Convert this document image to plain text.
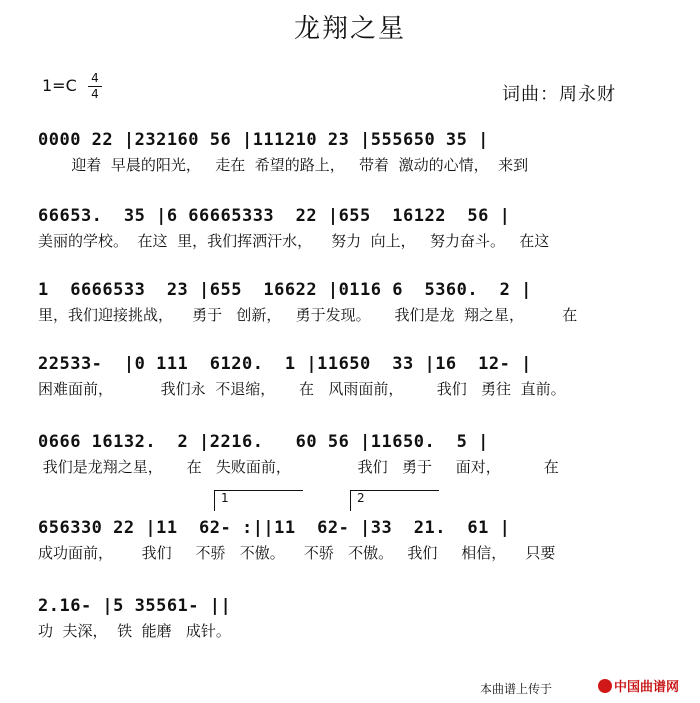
龙翔之星
1=C 4
4	词曲：周永财
0000 22 |232160 56 |111210 23 |555650 35 |
迎着  早晨的阳光，   走在  希望的路上，   带着  激动的心情，  来到
66653.  35 |6 66665333  22 |655  16122  56 |
美丽的学校。  在这  里，我们挥洒汗水，    努力  向上，   努力奋斗。   在这
1  6666533  23 |655  16622 |0116 6  5360.  2 |
里，我们迎接挑战，    勇于   创新，   勇于发现。     我们是龙  翔之星，        在
22533-  |0 111  6120.  1 |11650  33 |16  12- |
困难面前，          我们永  不退缩，     在   风雨面前，       我们   勇往  直前。
0666 16132.  2 |2216.   60 56 |11650.  5 |
我们是龙翔之星，     在   失败面前，              我们   勇于     面对，         在
1	2
656330 22 |11  62- :||11  62- |33  21.  61 |
成功面前，      我们     不骄   不傲。    不骄   不傲。   我们     相信，    只要
2.16- |5 35561- ||
功  夫深，  铁  能磨   成针。
本曲谱上传于	中国曲谱网
